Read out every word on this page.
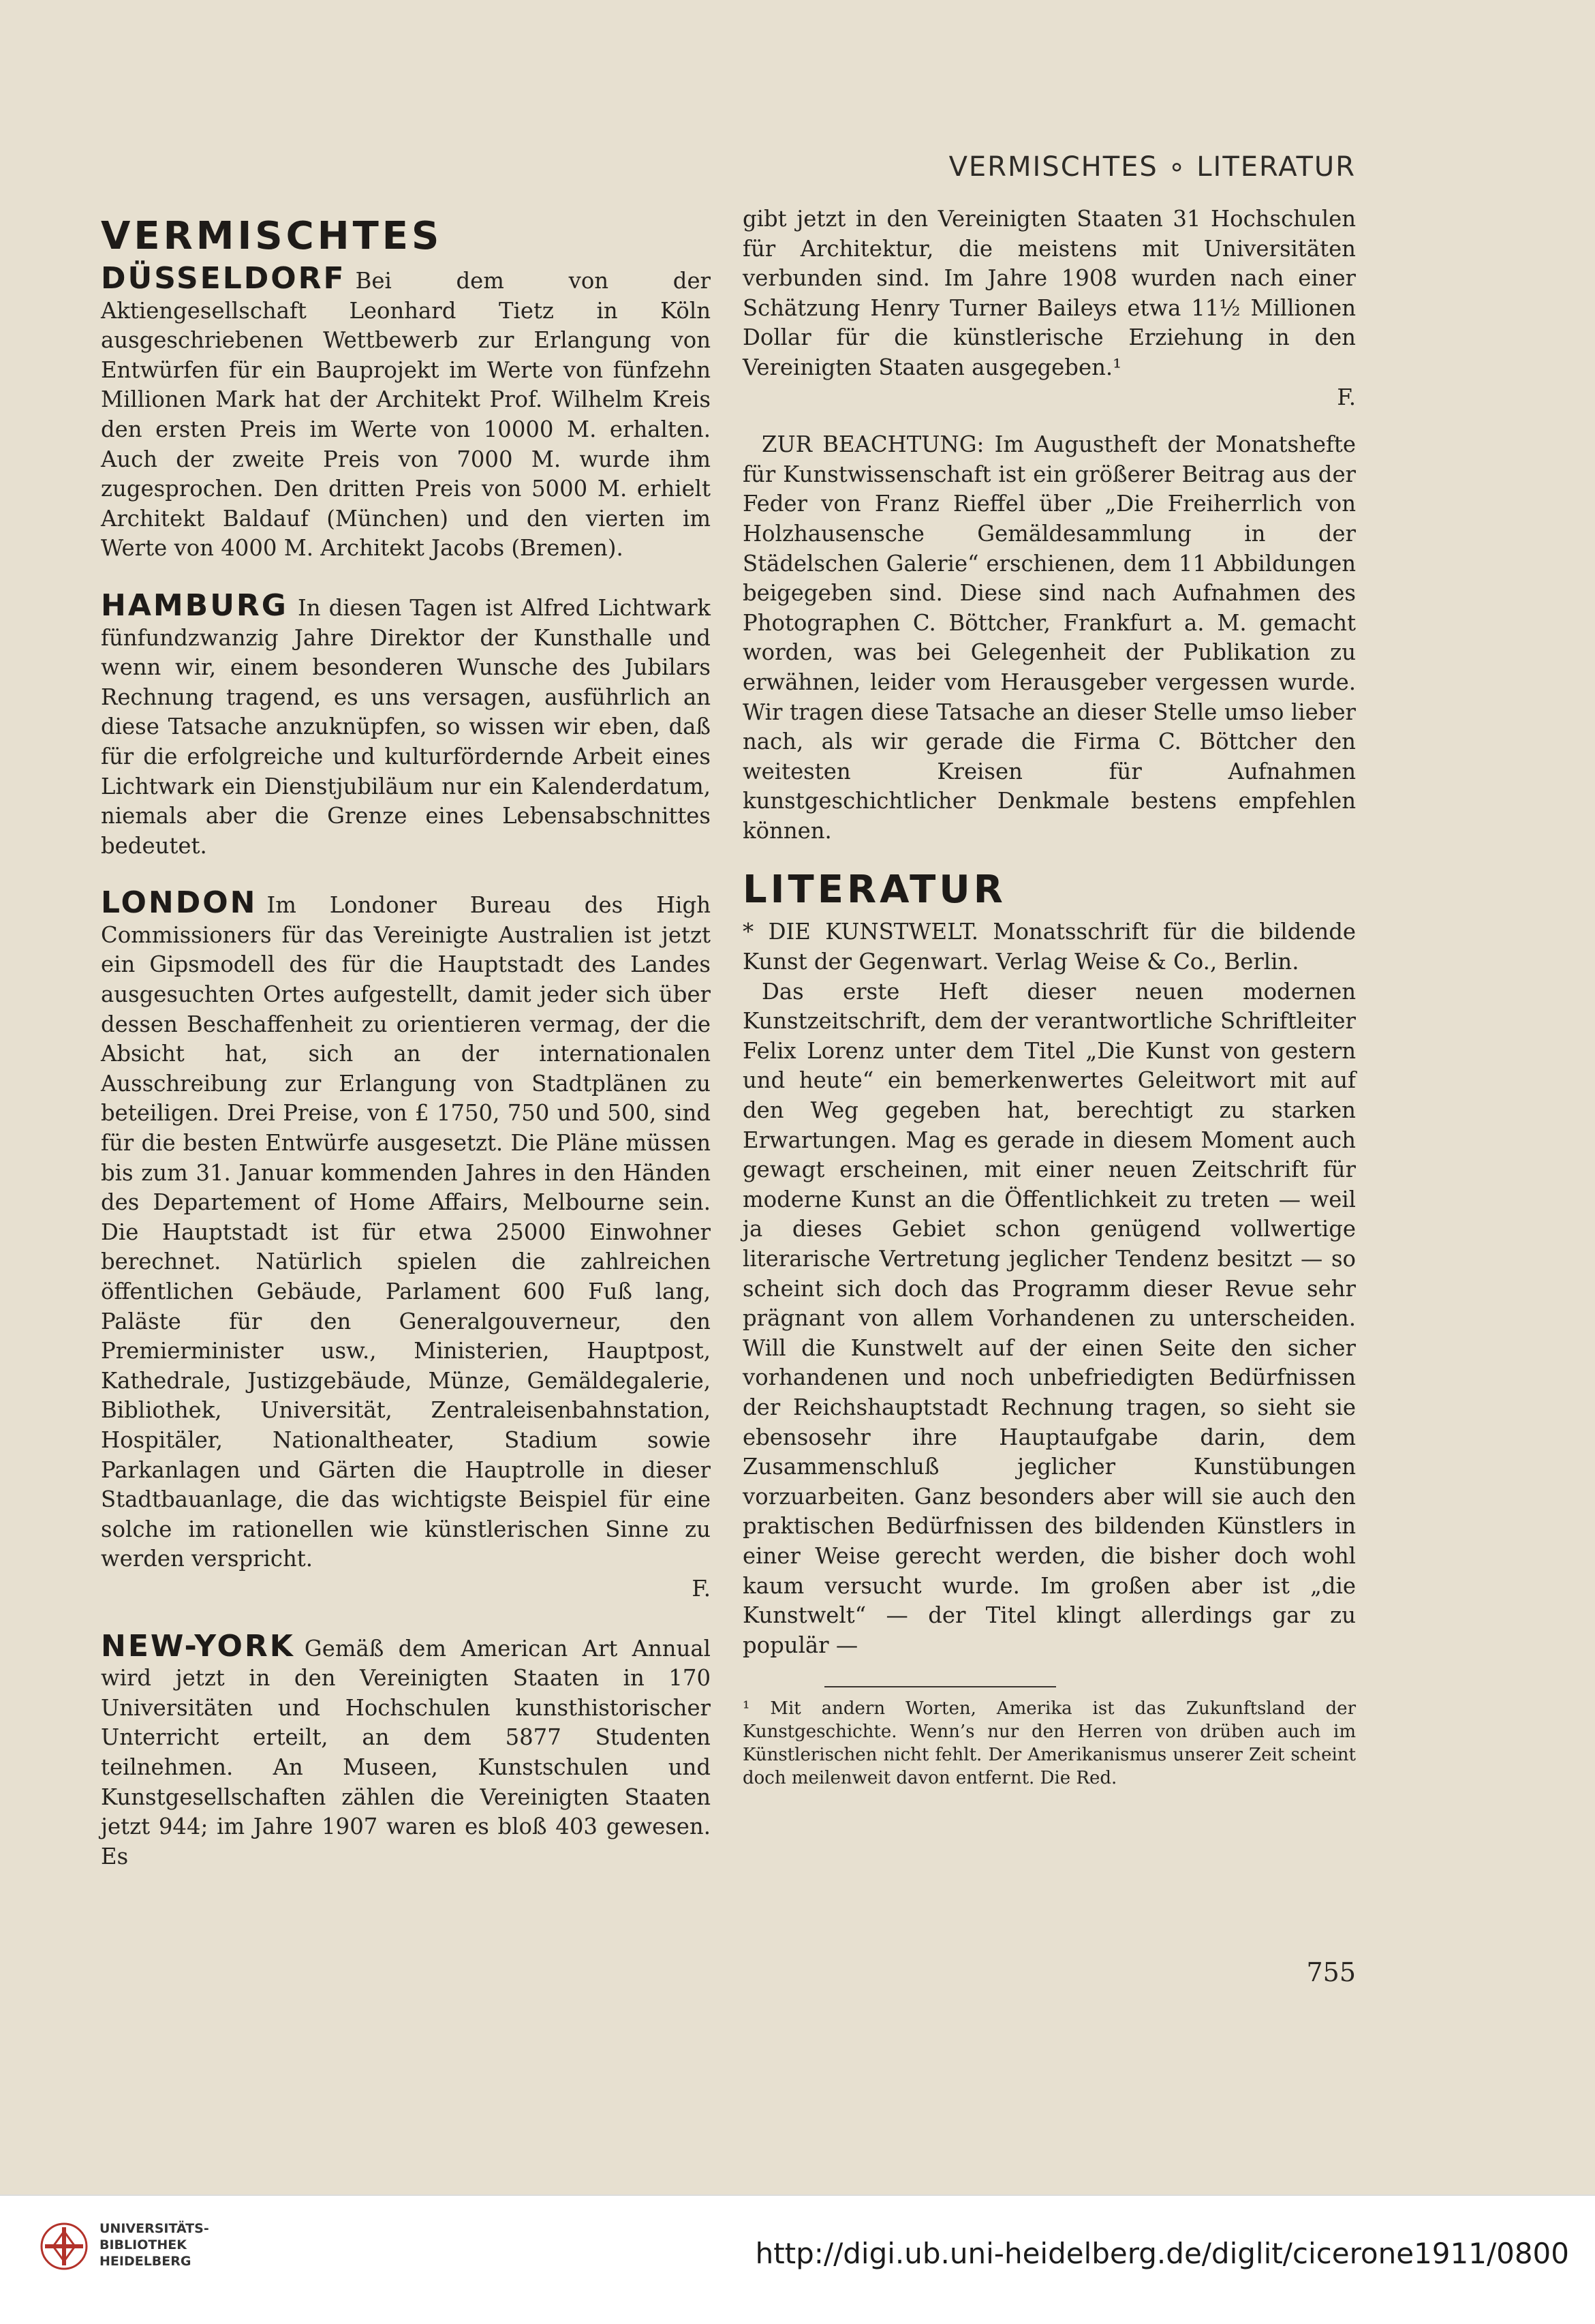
VERMISCHTES ∘ LITERATUR
VERMISCHTES

DÜSSELDORF Bei dem von der Aktiengesellschaft Leonhard Tietz in Köln ausgeschriebenen Wettbewerb zur Erlangung von Entwürfen für ein Bauprojekt im Werte von fünfzehn Millionen Mark hat der Architekt Prof. Wilhelm Kreis den ersten Preis im Werte von 10000 M. erhalten. Auch der zweite Preis von 7000 M. wurde ihm zugesprochen. Den dritten Preis von 5000 M. erhielt Architekt Baldauf (München) und den vierten im Werte von 4000 M. Architekt Jacobs (Bremen).

HAMBURG In diesen Tagen ist Alfred Lichtwark fünfundzwanzig Jahre Direktor der Kunsthalle und wenn wir, einem besonderen Wunsche des Jubilars Rechnung tragend, es uns versagen, ausführlich an diese Tatsache anzuknüpfen, so wissen wir eben, daß für die erfolgreiche und kulturfördernde Arbeit eines Lichtwark ein Dienstjubiläum nur ein Kalenderdatum, niemals aber die Grenze eines Lebensabschnittes bedeutet.

LONDON Im Londoner Bureau des High Commissioners für das Vereinigte Australien ist jetzt ein Gipsmodell des für die Hauptstadt des Landes ausgesuchten Ortes aufgestellt, damit jeder sich über dessen Beschaffenheit zu orientieren vermag, der die Absicht hat, sich an der internationalen Ausschreibung zur Erlangung von Stadtplänen zu beteiligen. Drei Preise, von £ 1750, 750 und 500, sind für die besten Entwürfe ausgesetzt. Die Pläne müssen bis zum 31. Januar kommenden Jahres in den Händen des Departement of Home Affairs, Melbourne sein. Die Hauptstadt ist für etwa 25000 Einwohner berechnet. Natürlich spielen die zahlreichen öffentlichen Gebäude, Parlament 600 Fuß lang, Paläste für den Generalgouverneur, den Premierminister usw., Ministerien, Hauptpost, Kathedrale, Justizgebäude, Münze, Gemäldegalerie, Bibliothek, Universität, Zentraleisenbahnstation, Hospitäler, Nationaltheater, Stadium sowie Parkanlagen und Gärten die Hauptrolle in dieser Stadtbauanlage, die das wichtigste Beispiel für eine solche im rationellen wie künstlerischen Sinne zu werden verspricht.
F.

NEW-YORK Gemäß dem American Art Annual wird jetzt in den Vereinigten Staaten in 170 Universitäten und Hochschulen kunsthistorischer Unterricht erteilt, an dem 5877 Studenten teilnehmen. An Museen, Kunstschulen und Kunstgesellschaften zählen die Vereinigten Staaten jetzt 944; im Jahre 1907 waren es bloß 403 gewesen. Es

gibt jetzt in den Vereinigten Staaten 31 Hochschulen für Architektur, die meistens mit Universitäten verbunden sind. Im Jahre 1908 wurden nach einer Schätzung Henry Turner Baileys etwa 11½ Millionen Dollar für die künstlerische Erziehung in den Vereinigten Staaten ausgegeben.¹
F.

ZUR BEACHTUNG: Im Augustheft der Monatshefte für Kunstwissenschaft ist ein größerer Beitrag aus der Feder von Franz Rieffel über „Die Freiherrlich von Holzhausensche Gemäldesammlung in der Städelschen Galerie“ erschienen, dem 11 Abbildungen beigegeben sind. Diese sind nach Aufnahmen des Photographen C. Böttcher, Frankfurt a. M. gemacht worden, was bei Gelegenheit der Publikation zu erwähnen, leider vom Herausgeber vergessen wurde. Wir tragen diese Tatsache an dieser Stelle umso lieber nach, als wir gerade die Firma C. Böttcher den weitesten Kreisen für Aufnahmen kunstgeschichtlicher Denkmale bestens empfehlen können.

LITERATUR

* DIE KUNSTWELT. Monatsschrift für die bildende Kunst der Gegenwart. Verlag Weise & Co., Berlin.

Das erste Heft dieser neuen modernen Kunstzeitschrift, dem der verantwortliche Schriftleiter Felix Lorenz unter dem Titel „Die Kunst von gestern und heute“ ein bemerkenwertes Geleitwort mit auf den Weg gegeben hat, berechtigt zu starken Erwartungen. Mag es gerade in diesem Moment auch gewagt erscheinen, mit einer neuen Zeitschrift für moderne Kunst an die Öffentlichkeit zu treten — weil ja dieses Gebiet schon genügend vollwertige literarische Vertretung jeglicher Tendenz besitzt — so scheint sich doch das Programm dieser Revue sehr prägnant von allem Vorhandenen zu unterscheiden. Will die Kunstwelt auf der einen Seite den sicher vorhandenen und noch unbefriedigten Bedürfnissen der Reichshauptstadt Rechnung tragen, so sieht sie ebensosehr ihre Hauptaufgabe darin, dem Zusammenschluß jeglicher Kunstübungen vorzuarbeiten. Ganz besonders aber will sie auch den praktischen Bedürfnissen des bildenden Künstlers in einer Weise gerecht werden, die bisher doch wohl kaum versucht wurde. Im großen aber ist „die Kunstwelt“ — der Titel klingt allerdings gar zu populär —

¹ Mit andern Worten, Amerika ist das Zukunftsland der Kunstgeschichte. Wenn’s nur den Herren von drüben auch im Künstlerischen nicht fehlt. Der Amerikanismus unserer Zeit scheint doch meilenweit davon entfernt. Die Red.

755
UNIVERSITÄTS-
BIBLIOTHEK
HEIDELBERG	http://digi.ub.uni-heidelberg.de/diglit/cicerone1911/0800
